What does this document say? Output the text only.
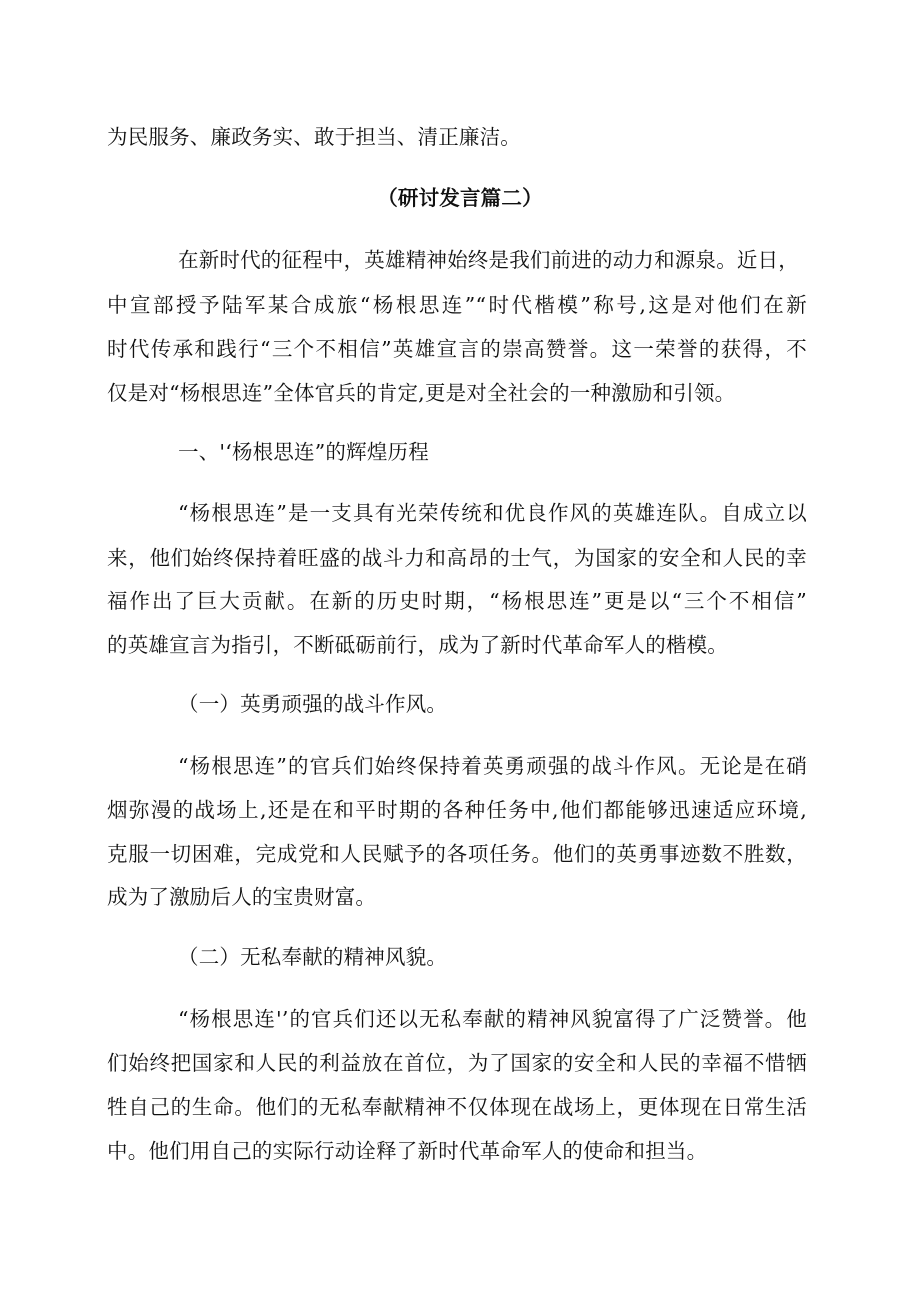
为民服务、廉政务实、敢于担当、清正廉洁。
（研讨发言篇二）
在新时代的征程中，英雄精神始终是我们前进的动力和源泉。近日，
中宣部授予陆军某合成旅“杨根思连”“时代楷模”称号,这是对他们在新
时代传承和践行“三个不相信”英雄宣言的崇高赞誉。这一荣誉的获得，不
仅是对“杨根思连”全体官兵的肯定,更是对全社会的一种激励和引领。
一、'‘杨根思连”的辉煌历程
“杨根思连”是一支具有光荣传统和优良作风的英雄连队。自成立以
来，他们始终保持着旺盛的战斗力和高昂的士气，为国家的安全和人民的幸
福作出了巨大贡献。在新的历史时期，“杨根思连”更是以“三个不相信”
的英雄宣言为指引，不断砥砺前行，成为了新时代革命军人的楷模。
（一）英勇顽强的战斗作风。
“杨根思连”的官兵们始终保持着英勇顽强的战斗作风。无论是在硝
烟弥漫的战场上,还是在和平时期的各种任务中,他们都能够迅速适应环境,
克服一切困难，完成党和人民赋予的各项任务。他们的英勇事迹数不胜数，
成为了激励后人的宝贵财富。
（二）无私奉献的精神风貌。
“杨根思连'’的官兵们还以无私奉献的精神风貌富得了广泛赞誉。他
们始终把国家和人民的利益放在首位，为了国家的安全和人民的幸福不惜牺
牲自己的生命。他们的无私奉献精神不仅体现在战场上，更体现在日常生活
中。他们用自己的实际行动诠释了新时代革命军人的使命和担当。
